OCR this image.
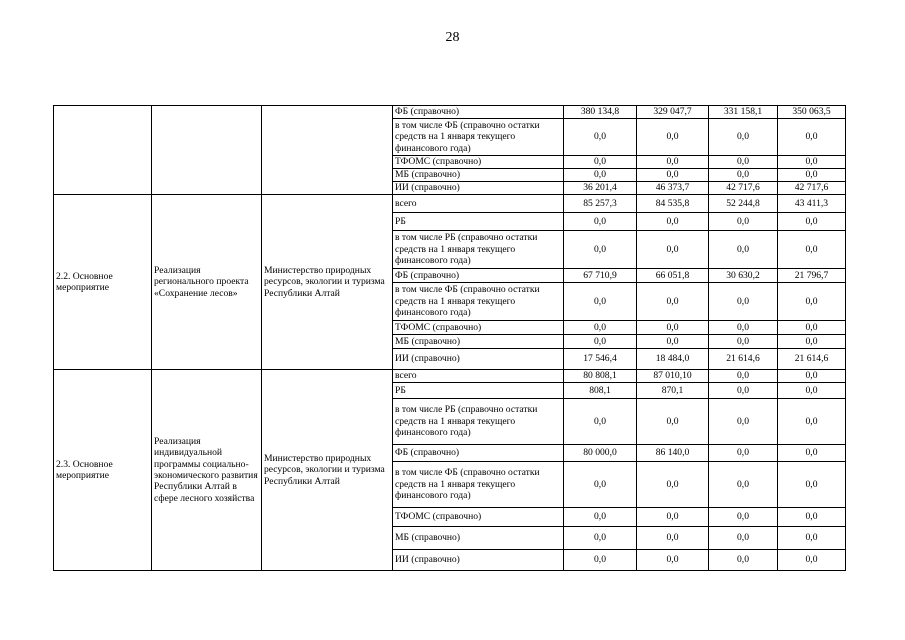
28
			ФБ (справочно)	380 134,8	329 047,7	331 158,1	350 063,5
			в том числе ФБ (справочно остатки средств на 1 января текущего финансового года)	0,0	0,0	0,0	0,0
			ТФОМС (справочно)	0,0	0,0	0,0	0,0
			МБ (справочно)	0,0	0,0	0,0	0,0
			ИИ (справочно)	36 201,4	46 373,7	42 717,6	42 717,6
2.2. Основное мероприятие	Реализация регионального проекта «Сохранение лесов»	Министерство природных ресурсов, экологии и туризма Республики Алтай	всего	85 257,3	84 535,8	52 244,8	43 411,3
			РБ	0,0	0,0	0,0	0,0
			в том числе РБ (справочно остатки средств на 1 января текущего финансового года)	0,0	0,0	0,0	0,0
			ФБ (справочно)	67 710,9	66 051,8	30 630,2	21 796,7
			в том числе ФБ (справочно остатки средств на 1 января текущего финансового года)	0,0	0,0	0,0	0,0
			ТФОМС (справочно)	0,0	0,0	0,0	0,0
			МБ (справочно)	0,0	0,0	0,0	0,0
			ИИ (справочно)	17 546,4	18 484,0	21 614,6	21 614,6
2.3. Основное мероприятие	Реализация индивидуальной программы социально-экономического развития Республики Алтай в сфере лесного хозяйства	Министерство природных ресурсов, экологии и туризма Республики Алтай	всего	80 808,1	87 010,10	0,0	0,0
			РБ	808,1	870,1	0,0	0,0
			в том числе РБ (справочно остатки средств на 1 января текущего финансового года)	0,0	0,0	0,0	0,0
			ФБ (справочно)	80 000,0	86 140,0	0,0	0,0
			в том числе ФБ (справочно остатки средств на 1 января текущего финансового года)	0,0	0,0	0,0	0,0
			ТФОМС (справочно)	0,0	0,0	0,0	0,0
			МБ (справочно)	0,0	0,0	0,0	0,0
			ИИ (справочно)	0,0	0,0	0,0	0,0
